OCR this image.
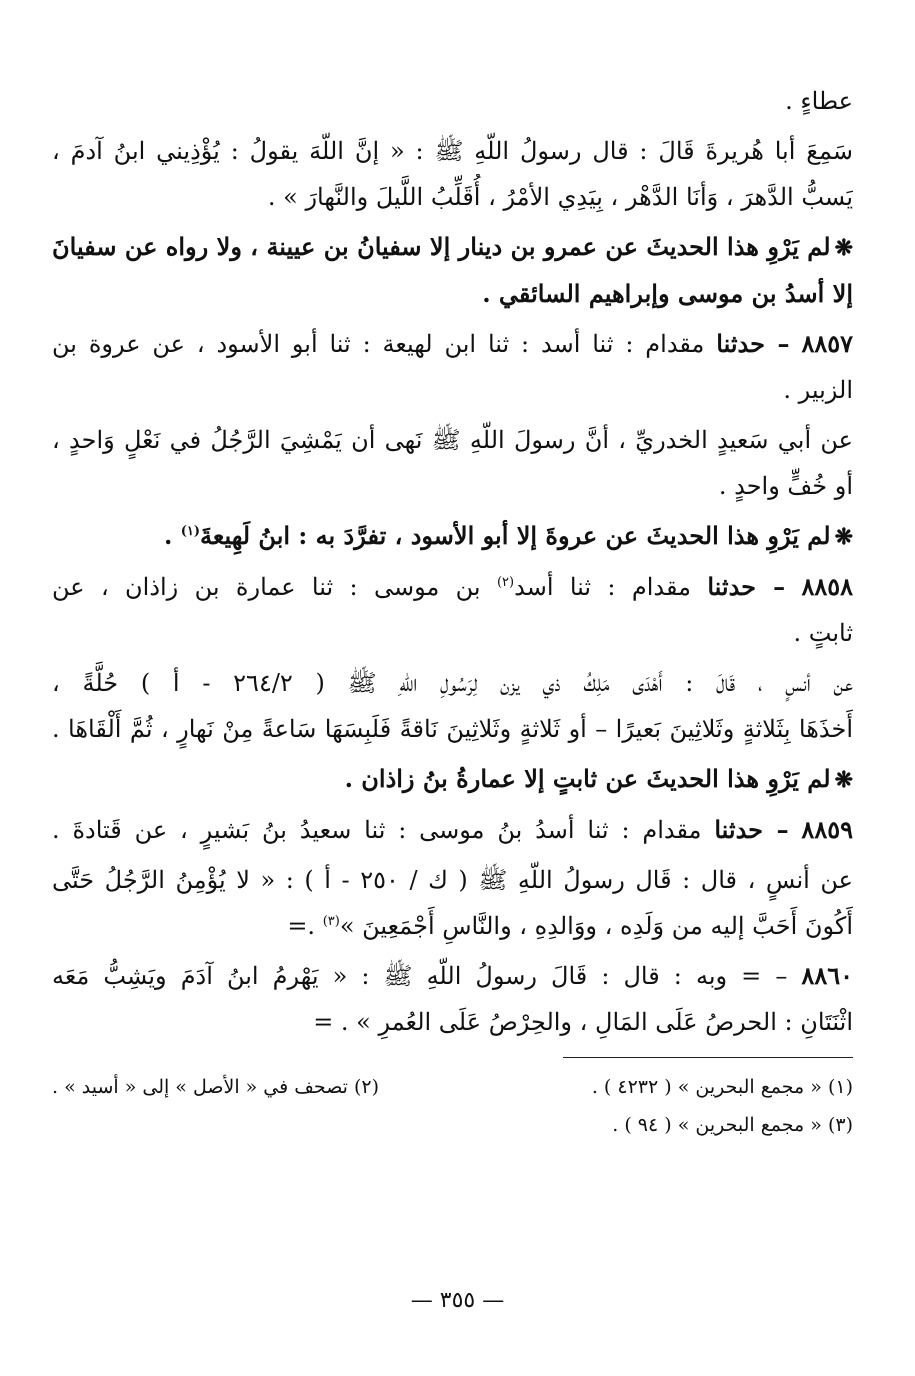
عطاءٍ .
سَمِعَ أبا هُريرةَ قَالَ : قال رسولُ اللّهِ ﷺ : « إنَّ اللّهَ يقولُ : يُؤْذِيني ابنُ آدمَ ،
يَسبُّ الدَّهرَ ، وَأنَا الدَّهْر ، بِيَدِي الأمْرُ ، أُقَلِّبُ اللَّيلَ والنَّهارَ » .
❋لم يَرْوِ هذا الحديثَ عن عمرو بن دينار إلا سفيانُ بن عيينة ، ولا رواه عن سفيانَ
إلا أسدُ بن موسى وإبراهيم السائقي .
٨٨٥٧ – حدثنا مقدام : ثنا أسد : ثنا ابن لهيعة : ثنا أبو الأسود ، عن عروة بن
الزبير .
عن أبي سَعيدٍ الخدريِّ ، أنَّ رسولَ اللّهِ ﷺ نَهى أن يَمْشِيَ الرَّجُلُ في نَعْلٍ وَاحدٍ ،
أو خُفٍّ واحدٍ .
❋لم يَرْوِ هذا الحديثَ عن عروةَ إلا أبو الأسود ، تفرَّدَ به : ابنُ لَهِيعةَ$^{(١)}$ .
٨٨٥٨ – حدثنا مقدام : ثنا أسد$^{(٢)}$ بن موسى : ثنا عمارة بن زاذان ، عن
ثابتٍ .
عن أنسٍ ، قَالَ : أَهْدَى مَلِكُ ذي يزن لِرَسُولِ اللّهِ ﷺ ( ٢٦٤/٢ - أ ) حُلَّةً ،
أَخذَهَا بِثَلاثةٍ وثَلاثِينَ بَعيرًا – أو ثَلاثةٍ وثَلاثِينَ نَاقةً فَلَبِسَهَا سَاعةً مِنْ نَهارٍ ، ثُمَّ أَلْقَاهَا .
❋لم يَرْوِ هذا الحديثَ عن ثابتٍ إلا عمارةُ بنُ زاذان .
٨٨٥٩ – حدثنا مقدام : ثنا أسدُ بنُ موسى : ثنا سعيدُ بنُ بَشيرٍ ، عن قَتادةَ .
عن أنسٍ ، قال : قَال رسولُ اللّهِ ﷺ ( ك / ٢٥٠ - أ ) : « لا يُؤْمِنُ الرَّجُلُ حَتَّى
أَكُونَ أَحَبَّ إليه من وَلَدِه ، ووَالدِهِ ، والنَّاسِ أَجْمَعِينَ »$^{(٣)}$ .=
٨٨٦٠ – = وبه : قال : قَالَ رسولُ اللّهِ ﷺ : « يَهْرمُ ابنُ آدَمَ ويَشِبُّ مَعَه
اثْنَتَانِ : الحرصُ عَلَى المَالِ ، والحِرْصُ عَلَى العُمرِ » . =
(١) « مجمع البحرين » ( ٤٢٣٢ ) .
(٢) تصحف في « الأصل » إلى « أسيد » .
(٣) « مجمع البحرين » ( ٩٤ ) .
— ٣٥٥ —
